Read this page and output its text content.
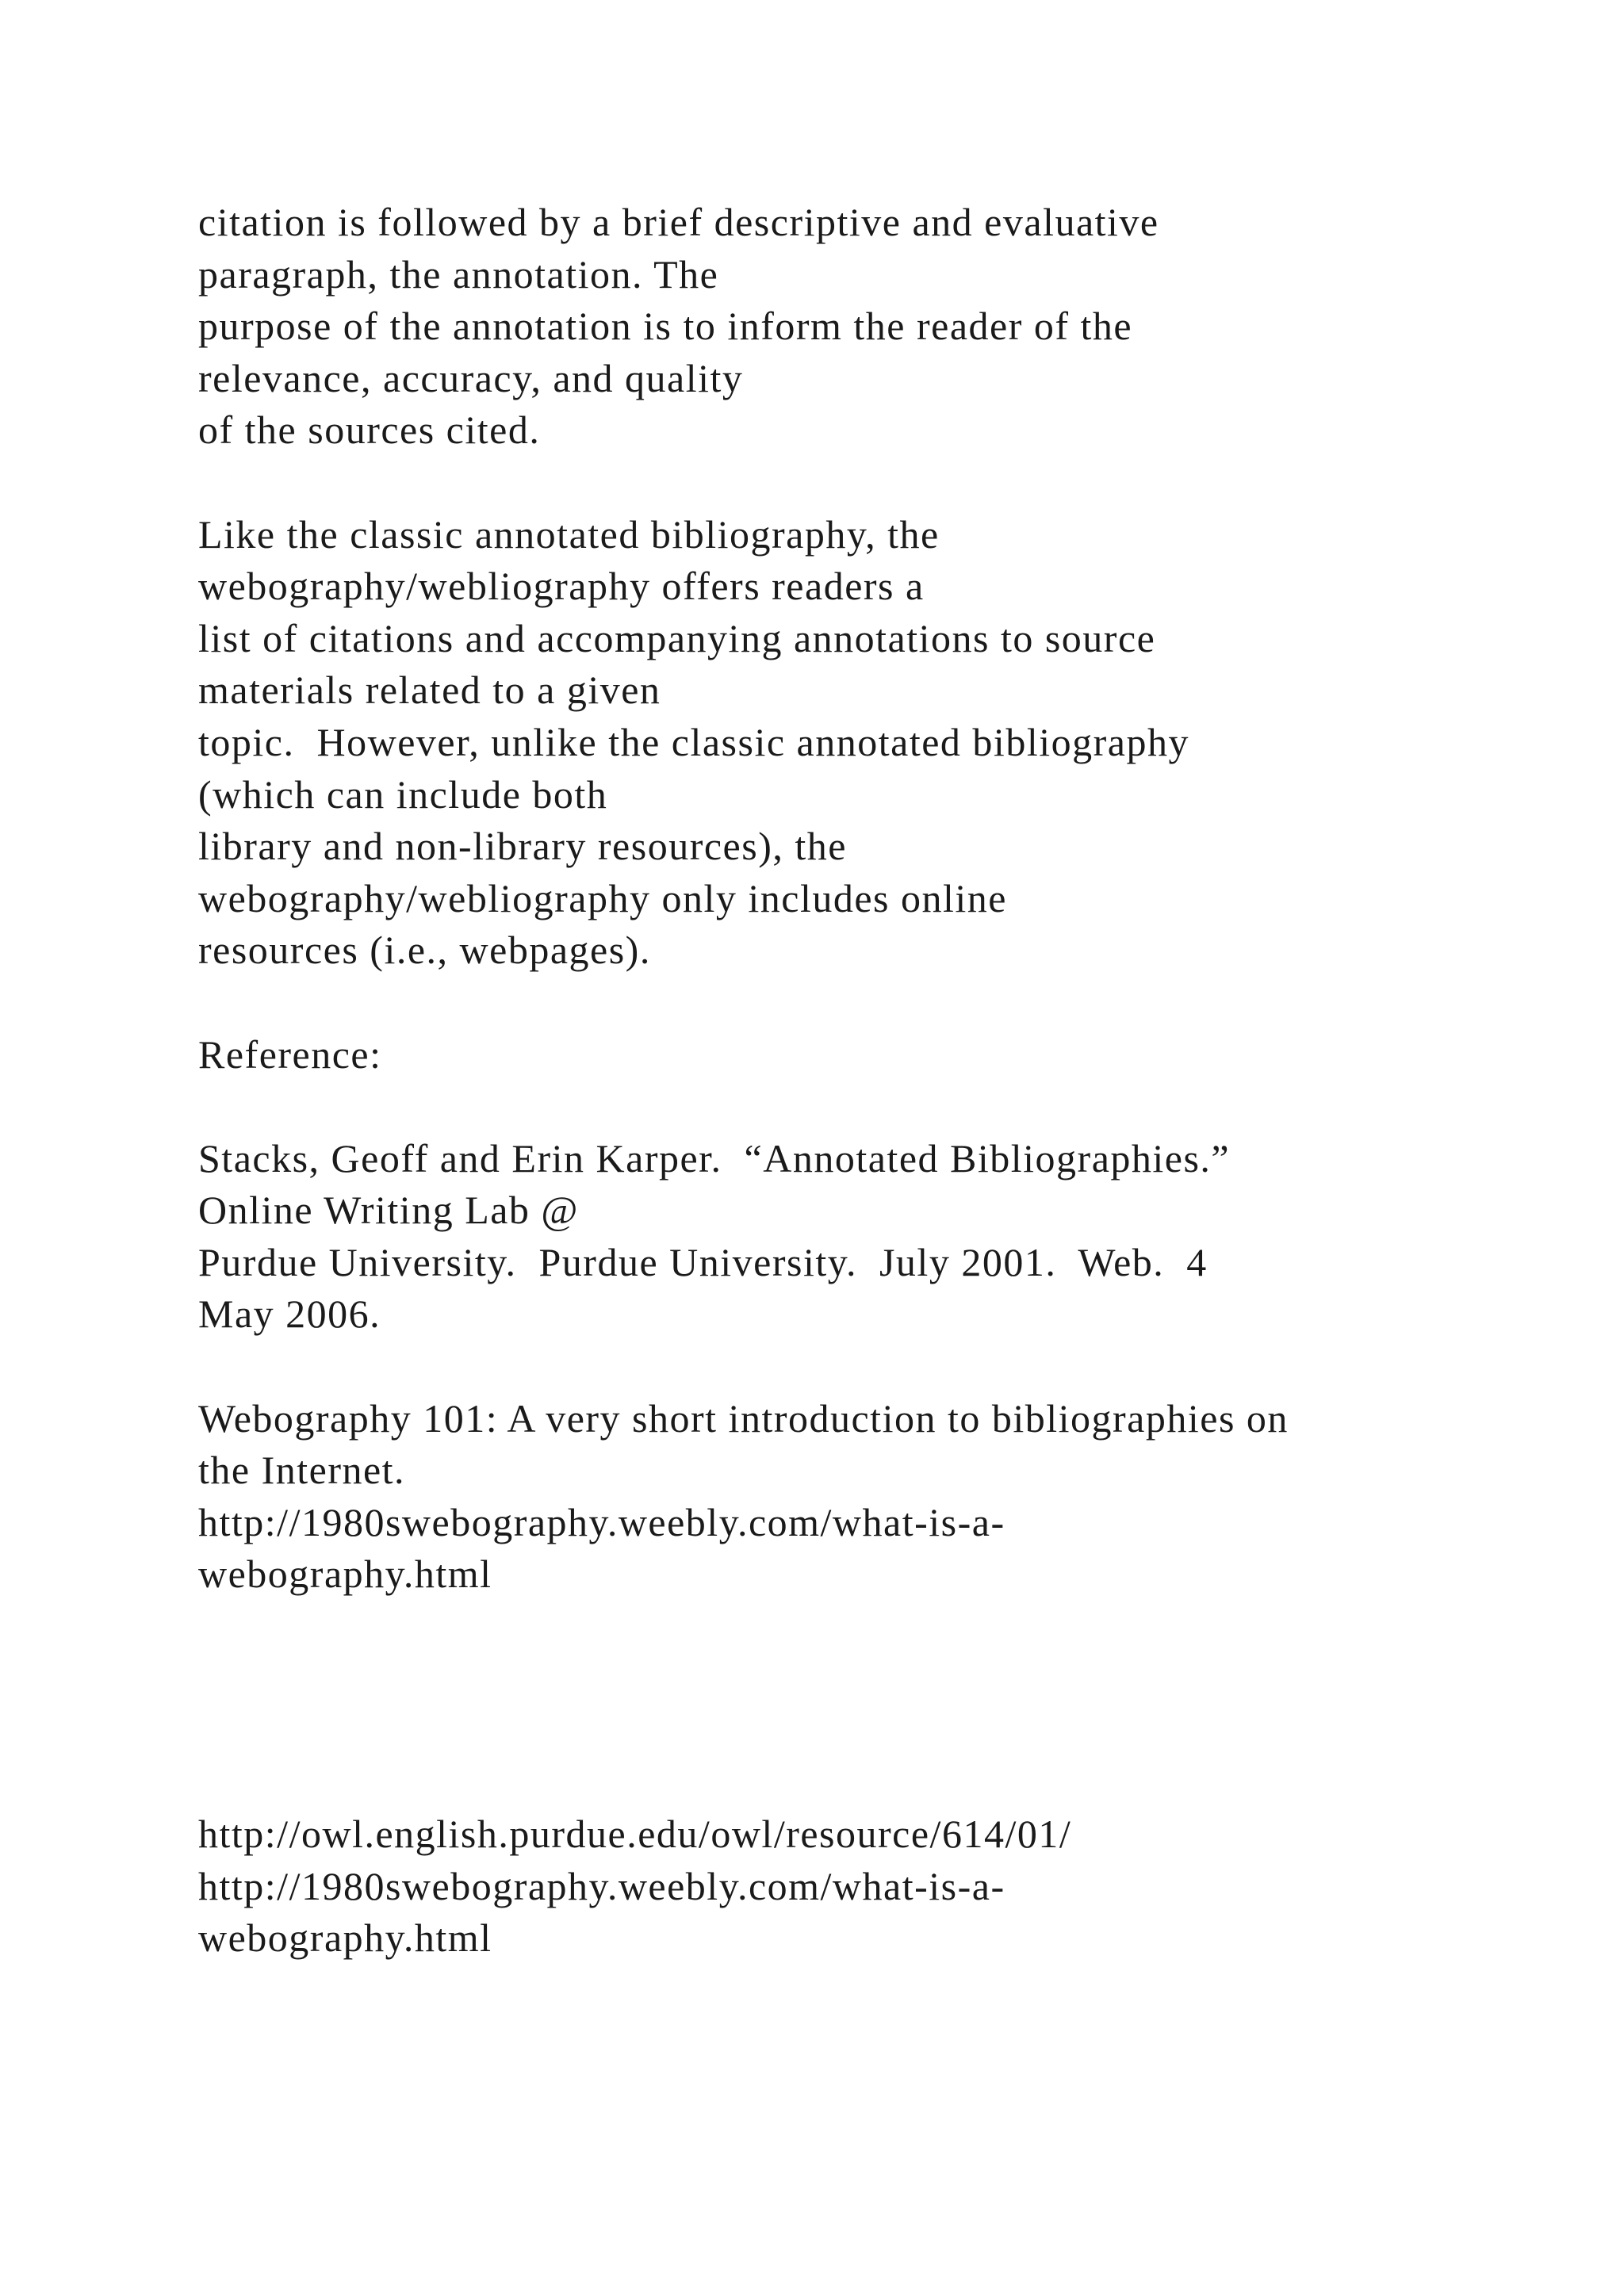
citation is followed by a brief descriptive and evaluative
paragraph, the annotation. The
purpose of the annotation is to inform the reader of the
relevance, accuracy, and quality
of the sources cited.
Like the classic annotated bibliography, the
webography/webliography offers readers a
list of citations and accompanying annotations to source
materials related to a given
topic.  However, unlike the classic annotated bibliography
(which can include both
library and non-library resources), the
webography/webliography only includes online
resources (i.e., webpages).
Reference:
Stacks, Geoff and Erin Karper.  “Annotated Bibliographies.”
Online Writing Lab @
Purdue University.  Purdue University.  July 2001.  Web.  4
May 2006.
Webography 101: A very short introduction to bibliographies on
the Internet.
http://1980swebography.weebly.com/what-is-a-
webography.html
http://owl.english.purdue.edu/owl/resource/614/01/
http://1980swebography.weebly.com/what-is-a-
webography.html
